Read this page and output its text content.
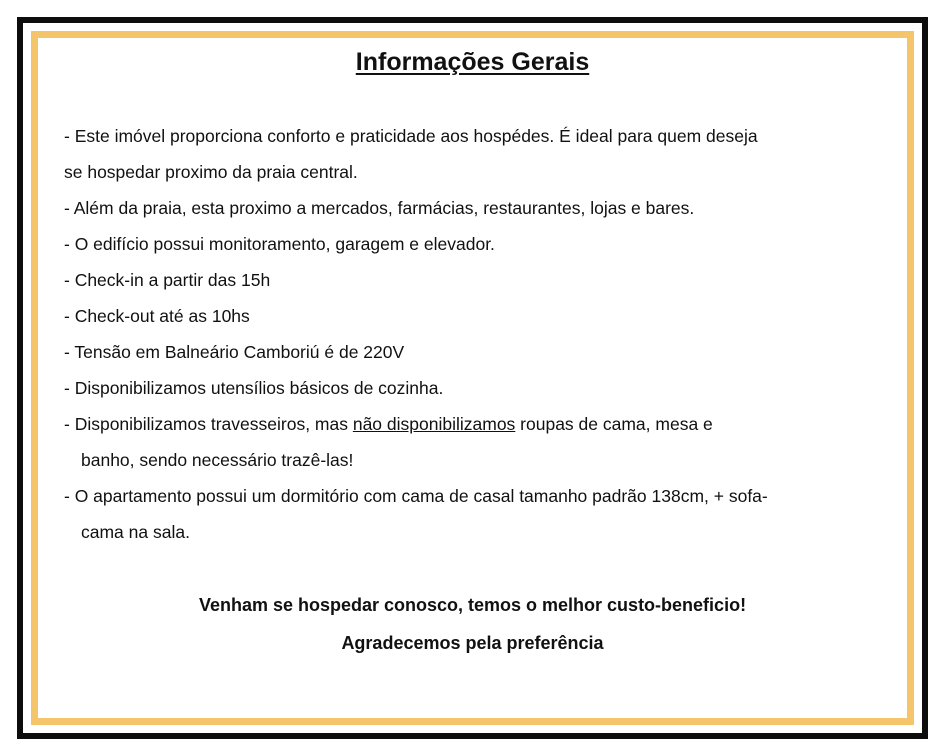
Informações Gerais
- Este imóvel proporciona conforto e praticidade aos hospédes. É ideal para quem deseja
se hospedar proximo da praia central.
- Além da praia, esta proximo a mercados, farmácias, restaurantes, lojas e bares.
- O edifício possui monitoramento, garagem e elevador.
- Check-in a partir das 15h
- Check-out até as 10hs
- Tensão em Balneário Camboriú é de 220V
- Disponibilizamos utensílios básicos de cozinha.
- Disponibilizamos travesseiros, mas não disponibilizamos roupas de cama, mesa e
banho, sendo necessário trazê-las!
- O apartamento possui um dormitório com cama de casal tamanho padrão 138cm, + sofa-
cama na sala.
Venham se hospedar conosco, temos o melhor custo-beneficio!
Agradecemos pela preferência
